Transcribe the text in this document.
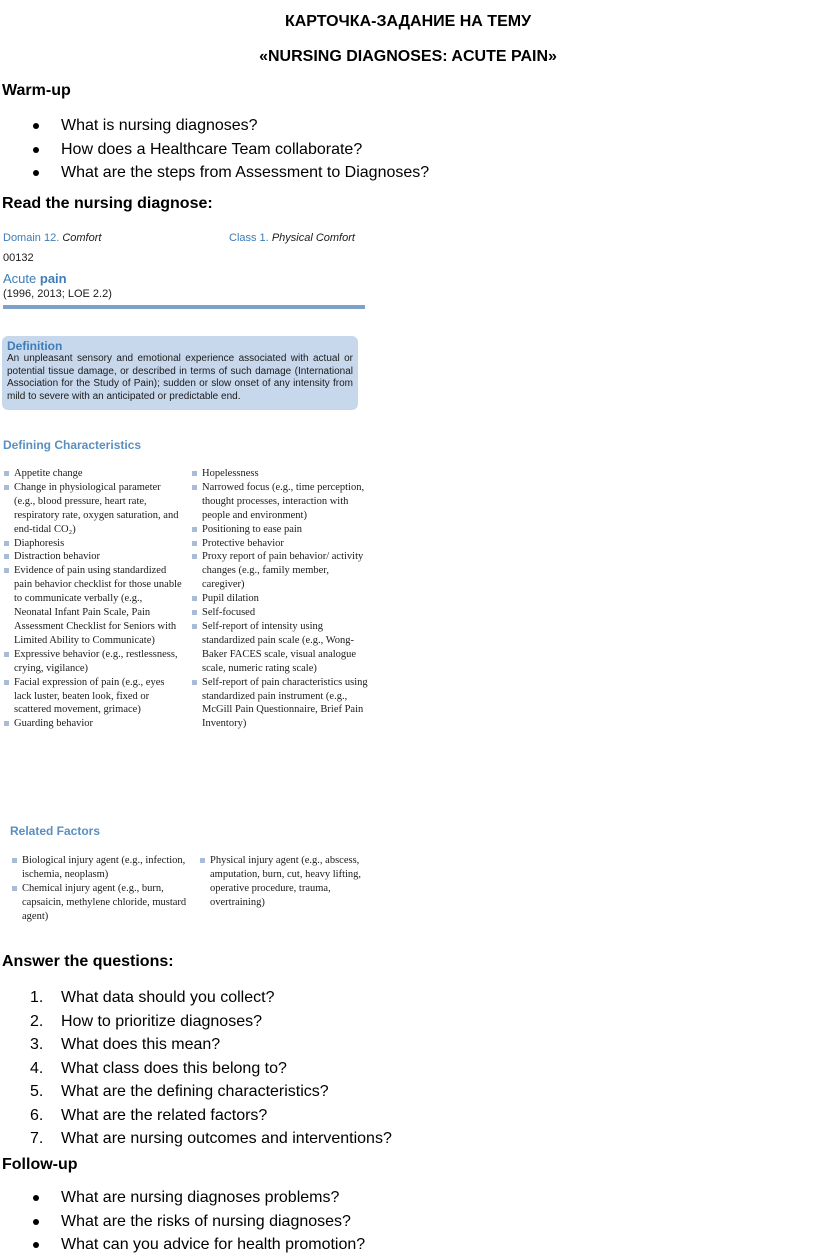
КАРТОЧКА-ЗАДАНИЕ НА ТЕМУ
«NURSING DIAGNOSES: ACUTE PAIN»
Warm-up
What is nursing diagnoses?
How does a Healthcare Team collaborate?
What are the steps from Assessment to Diagnoses?
Read the nursing diagnose:
Domain 12. Comfort	Class 1. Physical Comfort
00132
Acute pain
(1996, 2013; LOE 2.2)
Definition
An unpleasant sensory and emotional experience associated with actual or potential tissue damage, or described in terms of such damage (International Association for the Study of Pain); sudden or slow onset of any intensity from mild to severe with an anticipated or predictable end.
Defining Characteristics
Appetite change
Change in physiological parameter (e.g., blood pressure, heart rate, respiratory rate, oxygen saturation, and end-tidal CO₂)
Diaphoresis
Distraction behavior
Evidence of pain using standardized pain behavior checklist for those unable to communicate verbally (e.g., Neonatal Infant Pain Scale, Pain Assessment Checklist for Seniors with Limited Ability to Communicate)
Expressive behavior (e.g., restlessness, crying, vigilance)
Facial expression of pain (e.g., eyes lack luster, beaten look, fixed or scattered movement, grimace)
Guarding behavior
Hopelessness
Narrowed focus (e.g., time perception, thought processes, interaction with people and environment)
Positioning to ease pain
Protective behavior
Proxy report of pain behavior/ activity changes (e.g., family member, caregiver)
Pupil dilation
Self-focused
Self-report of intensity using standardized pain scale (e.g., Wong-Baker FACES scale, visual analogue scale, numeric rating scale)
Self-report of pain characteristics using standardized pain instrument (e.g., McGill Pain Questionnaire, Brief Pain Inventory)
Related Factors
Biological injury agent (e.g., infection, ischemia, neoplasm)
Chemical injury agent (e.g., burn, capsaicin, methylene chloride, mustard agent)
Physical injury agent (e.g., abscess, amputation, burn, cut, heavy lifting, operative procedure, trauma, overtraining)
Answer the questions:
1.	What data should you collect?
2.	How to prioritize diagnoses?
3.	What does this mean?
4.	What class does this belong to?
5.	What are the defining characteristics?
6.	What are the related factors?
7.	What are nursing outcomes and interventions?
Follow-up
What are nursing diagnoses problems?
What are the risks of nursing diagnoses?
What can you advice for health promotion?
